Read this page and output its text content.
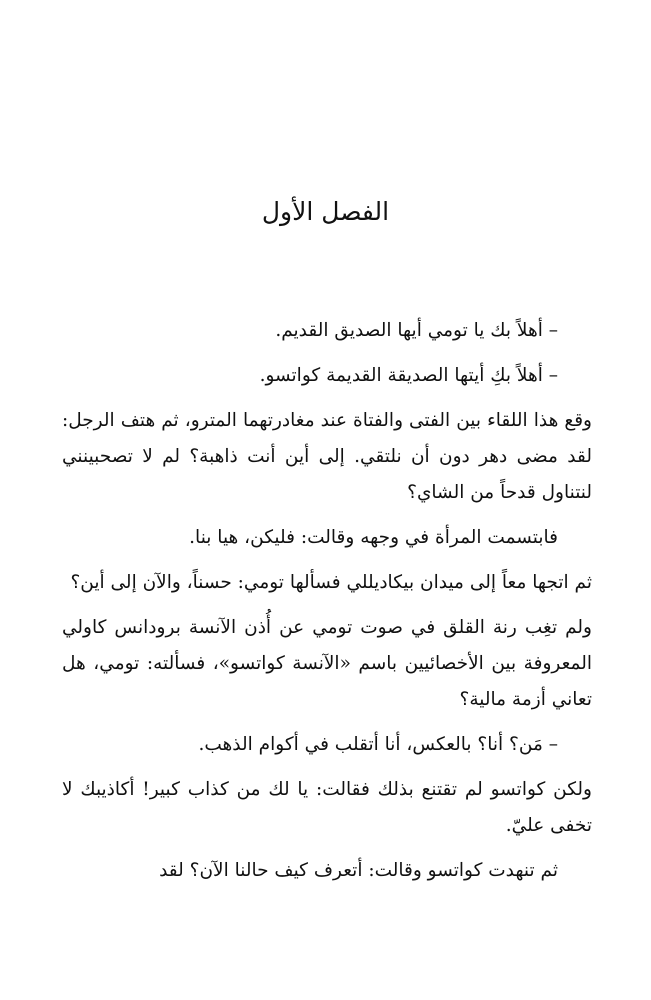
الفصل الأول

– أهلاً بك يا تومي أيها الصديق القديم.

– أهلاً بكِ أيتها الصديقة القديمة كواتسو.

وقع هذا اللقاء بين الفتى والفتاة عند مغادرتهما المترو، ثم هتف الرجل: لقد مضى دهر دون أن نلتقي. إلى أين أنت ذاهبة؟ لم لا تصحبينني لنتناول قدحاً من الشاي؟

فابتسمت المرأة في وجهه وقالت: فليكن، هيا بنا.

ثم اتجها معاً إلى ميدان بيكاديللي فسألها تومي: حسناً، والآن إلى أين؟

ولم تغِب رنة القلق في صوت تومي عن أُذن الآنسة برودانس كاولي المعروفة بين الأخصائيين باسم «الآنسة كواتسو»، فسألته: تومي، هل تعاني أزمة مالية؟

– مَن؟ أنا؟ بالعكس، أنا أتقلب في أكوام الذهب.

ولكن كواتسو لم تقتنع بذلك فقالت: يا لك من كذاب كبير! أكاذيبك لا تخفى عليّ.

ثم تنهدت كواتسو وقالت: أتعرف كيف حالنا الآن؟ لقد
